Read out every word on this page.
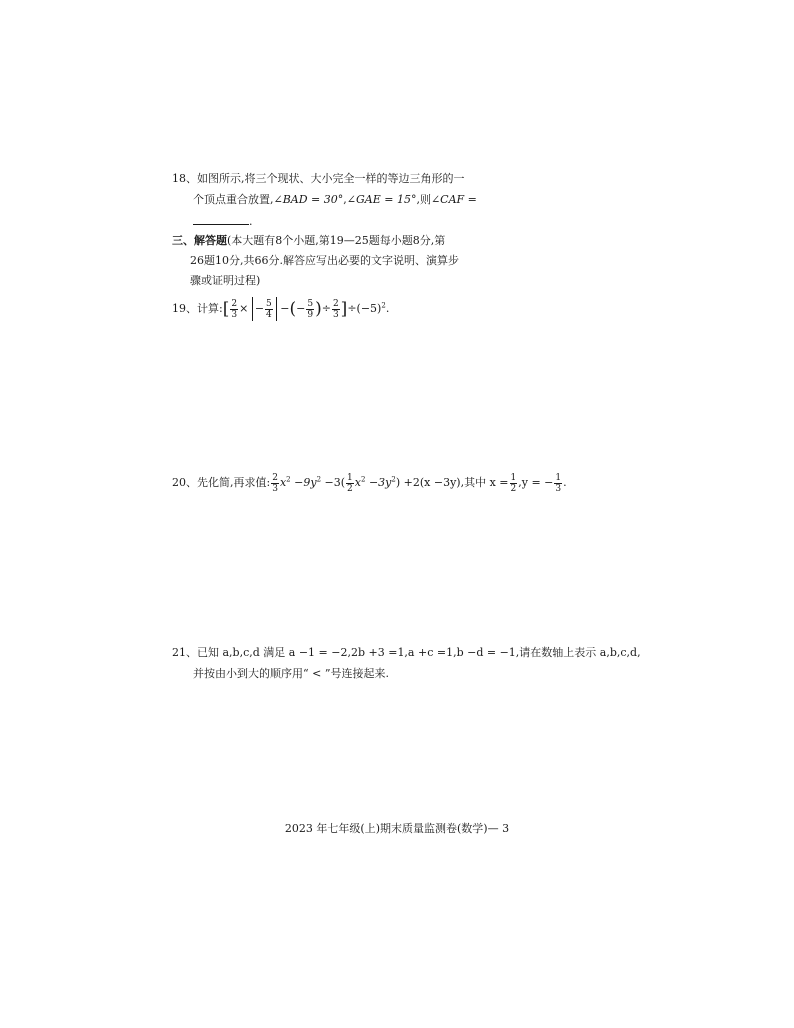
18、如图所示,将三个现状、大小完全一样的等边三角形的一
个顶点重合放置,∠BAD = 30°,∠GAE = 15°,则∠CAF =
.
三、解答题(本大题有8个小题,第19—25题每小题8分,第
26题10分,共66分.解答应写出必要的文字说明、演算步
骤或证明过程)
19、计算:[ $\frac{2}{3}$ × − $\frac{5}{4}$ −(− $\frac{5}{9}$ )÷ $\frac{2}{3} ]\div(-5)^2$.
20、先化简,再求值: $\frac{2}{3} x^2 -9y^2 -3( \frac{1}{2} x^2 -3y^2) +2(x -3y)$,其中 $x = \frac{1}{2} ,y$ = − $\frac{1}{3}$ .
21、已知 a,b,c,d 满足 a −1 = −2,2b +3 =1,a +c =1,b −d = −1,请在数轴上表示 a,b,c,d,
并按由小到大的顺序用“ < ”号连接起来.
2023 年七年级(上)期末质量监测卷(数学)— 3
